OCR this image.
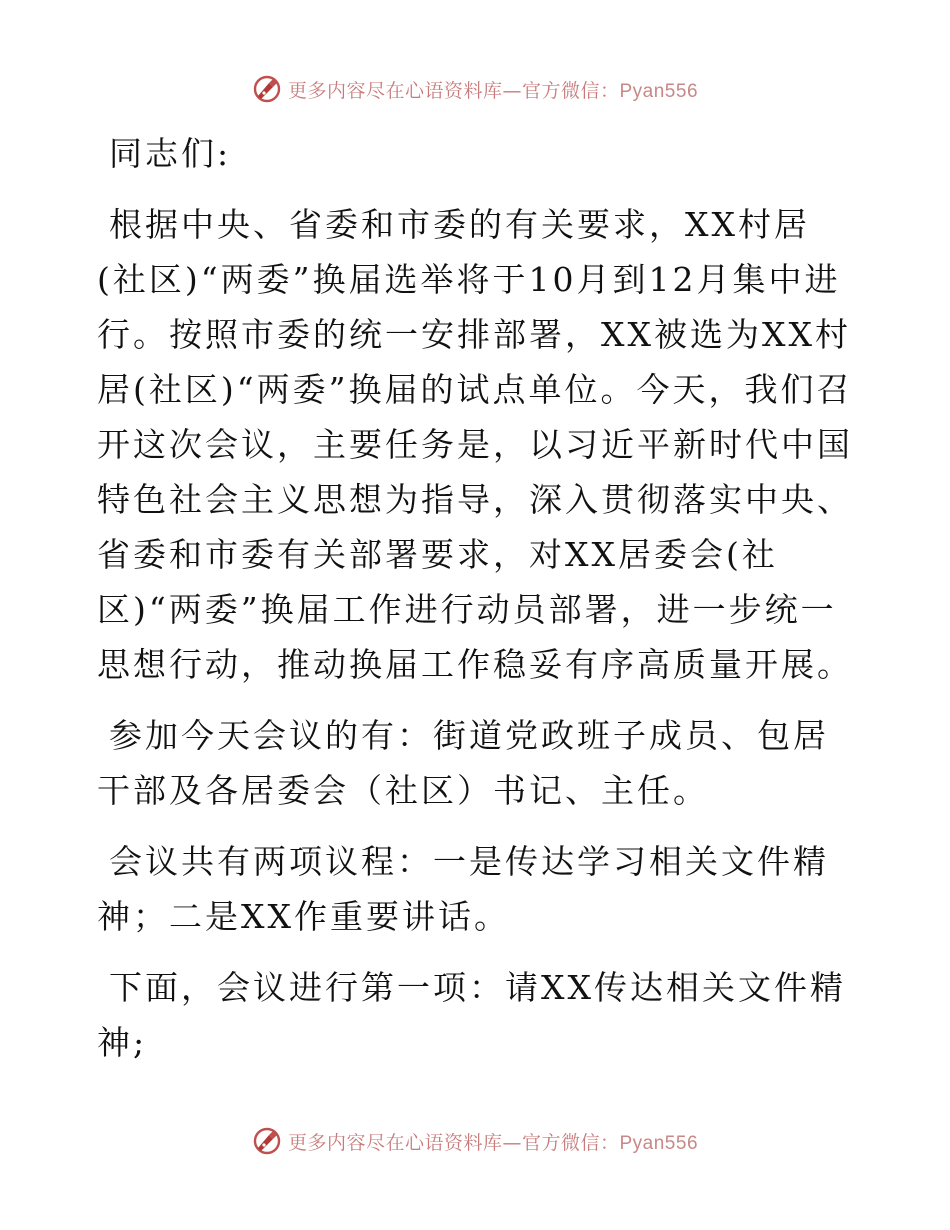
更多内容尽在心语资料库—官方微信：Pyan556

同志们:

根据中央、省委和市委的有关要求，XX村居(社区)“两委”换届选举将于10月到12月集中进行。按照市委的统一安排部署，XX被选为XX村居(社区)“两委”换届的试点单位。今天，我们召开这次会议，主要任务是，以习近平新时代中国特色社会主义思想为指导，深入贯彻落实中央、省委和市委有关部署要求，对XX居委会(社区)“两委”换届工作进行动员部署，进一步统一思想行动，推动换届工作稳妥有序高质量开展。

参加今天会议的有：街道党政班子成员、包居干部及各居委会（社区）书记、主任。

会议共有两项议程：一是传达学习相关文件精神；二是XX作重要讲话。

下面，会议进行第一项：请XX传达相关文件精神;

更多内容尽在心语资料库—官方微信：Pyan556
